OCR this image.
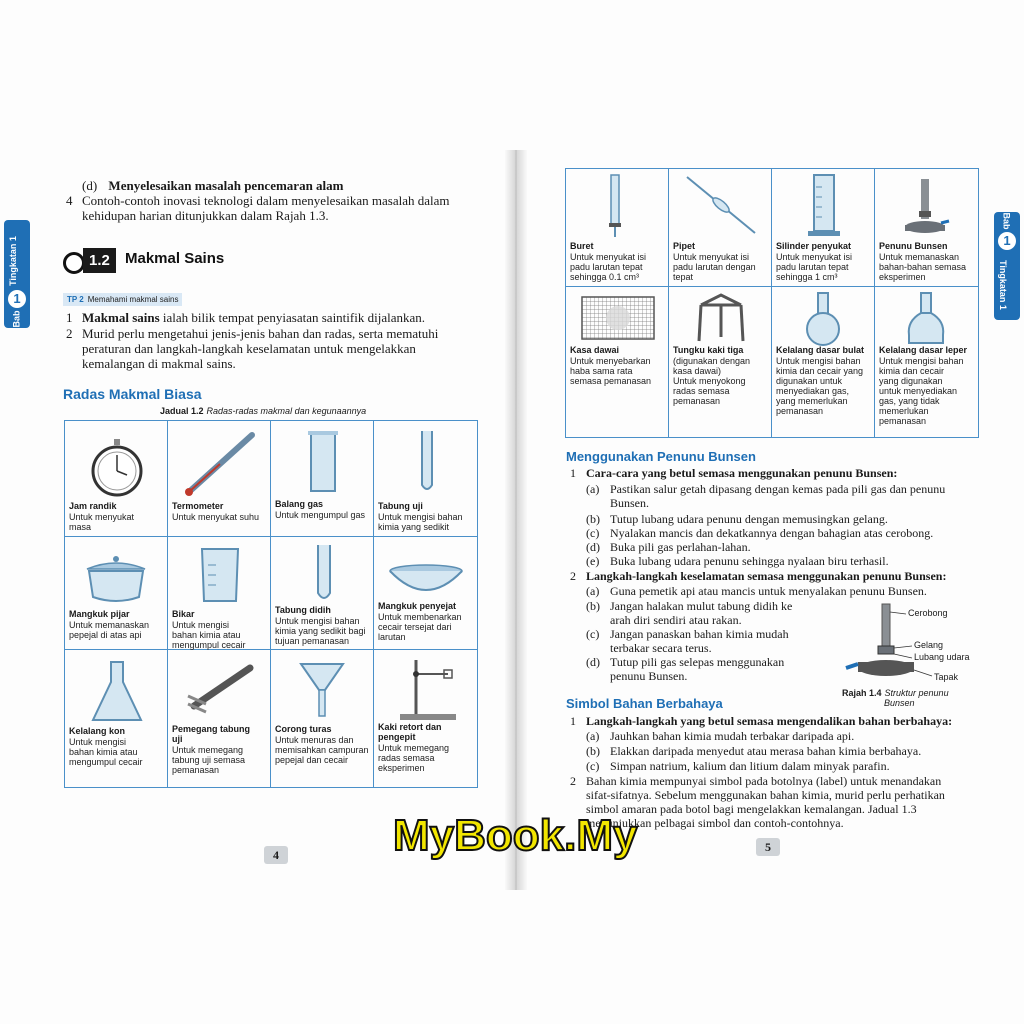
Tingkatan 1
1
Bab
Bab
1
Tingkatan 1
(d) Menyelesaikan masalah pencemaran alam
4 Contoh-contoh inovasi teknologi dalam menyelesaikan masalah dalam
kehidupan harian ditunjukkan dalam Rajah 1.3.
1.2	Makmal Sains
TP 2 Memahami makmal sains
1 Makmal sains ialah bilik tempat penyiasatan saintifik dijalankan.
2 Murid perlu mengetahui jenis-jenis bahan dan radas, serta mematuhi
peraturan dan langkah-langkah keselamatan untuk mengelakkan
kemalangan di makmal sains.
Radas Makmal Biasa
Jadual 1.2 Radas-radas makmal dan kegunaannya
Jam randik
Untuk menyukat
masa
Termometer
Untuk menyukat suhu
Balang gas
Untuk mengumpul gas
Tabung uji
Untuk mengisi bahan
kimia yang sedikit
Mangkuk pijar
Untuk memanaskan
pepejal di atas api
Bikar
Untuk mengisi
bahan kimia atau
mengumpul cecair
Tabung didih
Untuk mengisi bahan
kimia yang sedikit bagi
tujuan pemanasan
Mangkuk penyejat
Untuk membenarkan
cecair tersejat dari
larutan
Kelalang kon
Untuk mengisi
bahan kimia atau
mengumpul cecair
Pemegang tabung
uji
Untuk memegang
tabung uji semasa
pemanasan
Corong turas
Untuk menuras dan
memisahkan campuran
pepejal dan cecair
Kaki retort dan
pengepit
Untuk memegang
radas semasa
eksperimen
4
Buret
Untuk menyukat isi
padu larutan tepat
sehingga 0.1 cm³
Pipet
Untuk menyukat isi
padu larutan dengan
tepat
Silinder penyukat
Untuk menyukat isi
padu larutan tepat
sehingga 1 cm³
Penunu Bunsen
Untuk memanaskan
bahan-bahan semasa
eksperimen
Kasa dawai
Untuk menyebarkan
haba sama rata
semasa pemanasan
Tungku kaki tiga
(digunakan dengan
kasa dawai)
Untuk menyokong
radas semasa
pemanasan
Kelalang dasar bulat
Untuk mengisi bahan
kimia dan cecair yang
digunakan untuk
menyediakan gas,
yang memerlukan
pemanasan
Kelalang dasar leper
Untuk mengisi bahan
kimia dan cecair
yang digunakan
untuk menyediakan
gas, yang tidak
memerlukan
pemanasan
Menggunakan Penunu Bunsen
1 Cara-cara yang betul semasa menggunakan penunu Bunsen:
(a) Pastikan salur getah dipasang dengan kemas pada pili gas dan penunu
Bunsen.
(b) Tutup lubang udara penunu dengan memusingkan gelang.
(c) Nyalakan mancis dan dekatkannya dengan bahagian atas cerobong.
(d) Buka pili gas perlahan-lahan.
(e) Buka lubang udara penunu sehingga nyalaan biru terhasil.
2 Langkah-langkah keselamatan semasa menggunakan penunu Bunsen:
(a) Guna pemetik api atau mancis untuk menyalakan penunu Bunsen.
(b) Jangan halakan mulut tabung didih ke
arah diri sendiri atau rakan.
(c) Jangan panaskan bahan kimia mudah
terbakar secara terus.
(d) Tutup pili gas selepas menggunakan
penunu Bunsen.
Cerobong
Gelang
Lubang udara
Tapak
Rajah 1.4 Struktur penunu
Bunsen
Simbol Bahan Berbahaya
1 Langkah-langkah yang betul semasa mengendalikan bahan berbahaya:
(a) Jauhkan bahan kimia mudah terbakar daripada api.
(b) Elakkan daripada menyedut atau merasa bahan kimia berbahaya.
(c) Simpan natrium, kalium dan litium dalam minyak parafin.
2 Bahan kimia mempunyai simbol pada botolnya (label) untuk menandakan
sifat-sifatnya. Sebelum menggunakan bahan kimia, murid perlu perhatikan
simbol amaran pada botol bagi mengelakkan kemalangan. Jadual 1.3
menunjukkan pelbagai simbol dan contoh-contohnya.
5
MyBook.My
